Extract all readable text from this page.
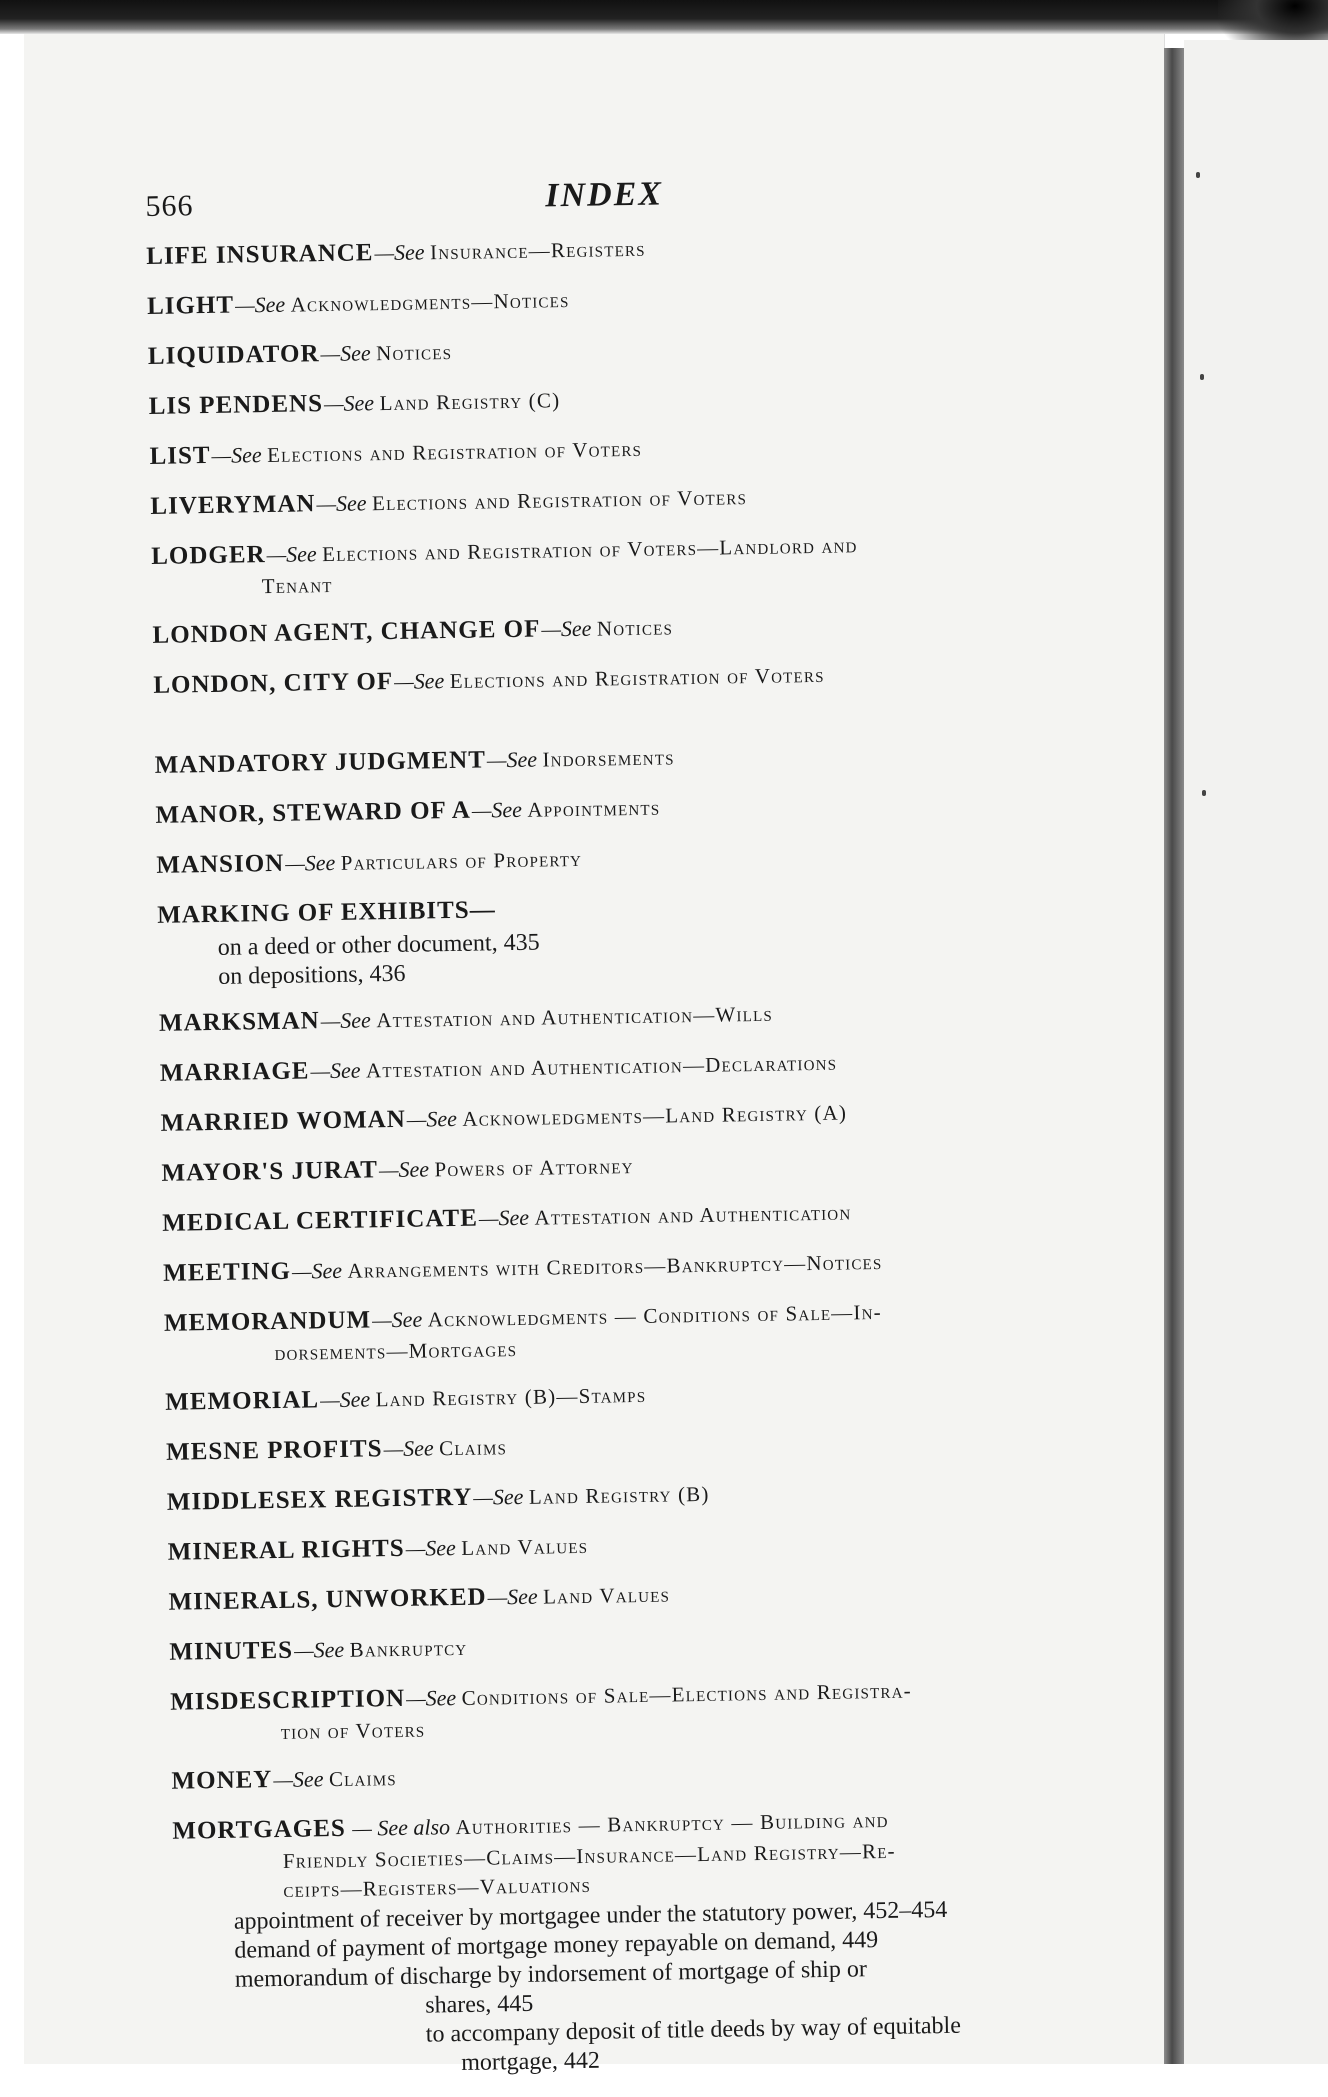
566	INDEX
LIFE INSURANCE—See Insurance—Registers
LIGHT—See Acknowledgments—Notices
LIQUIDATOR—See Notices
LIS PENDENS—See Land Registry (C)
LIST—See Elections and Registration of Voters
LIVERYMAN—See Elections and Registration of Voters
LODGER—See Elections and Registration of Voters—Landlord and
Tenant
LONDON AGENT, CHANGE OF—See Notices
LONDON, CITY OF—See Elections and Registration of Voters
MANDATORY JUDGMENT—See Indorsements
MANOR, STEWARD OF A—See Appointments
MANSION—See Particulars of Property
MARKING OF EXHIBITS—
on a deed or other document, 435
on depositions, 436
MARKSMAN—See Attestation and Authentication—Wills
MARRIAGE—See Attestation and Authentication—Declarations
MARRIED WOMAN—See Acknowledgments—Land Registry (A)
MAYOR'S JURAT—See Powers of Attorney
MEDICAL CERTIFICATE—See Attestation and Authentication
MEETING—See Arrangements with Creditors—Bankruptcy—Notices
MEMORANDUM—See Acknowledgments — Conditions of Sale—In-
dorsements—Mortgages
MEMORIAL—See Land Registry (B)—Stamps
MESNE PROFITS—See Claims
MIDDLESEX REGISTRY—See Land Registry (B)
MINERAL RIGHTS—See Land Values
MINERALS, UNWORKED—See Land Values
MINUTES—See Bankruptcy
MISDESCRIPTION—See Conditions of Sale—Elections and Registra-
tion of Voters
MONEY—See Claims
MORTGAGES — See also Authorities — Bankruptcy — Building and
Friendly Societies—Claims—Insurance—Land Registry—Re-
ceipts—Registers—Valuations
appointment of receiver by mortgagee under the statutory power, 452–454
demand of payment of mortgage money repayable on demand, 449
memorandum of discharge by indorsement of mortgage of ship or
shares, 445
to accompany deposit of title deeds by way of equitable
mortgage, 442
